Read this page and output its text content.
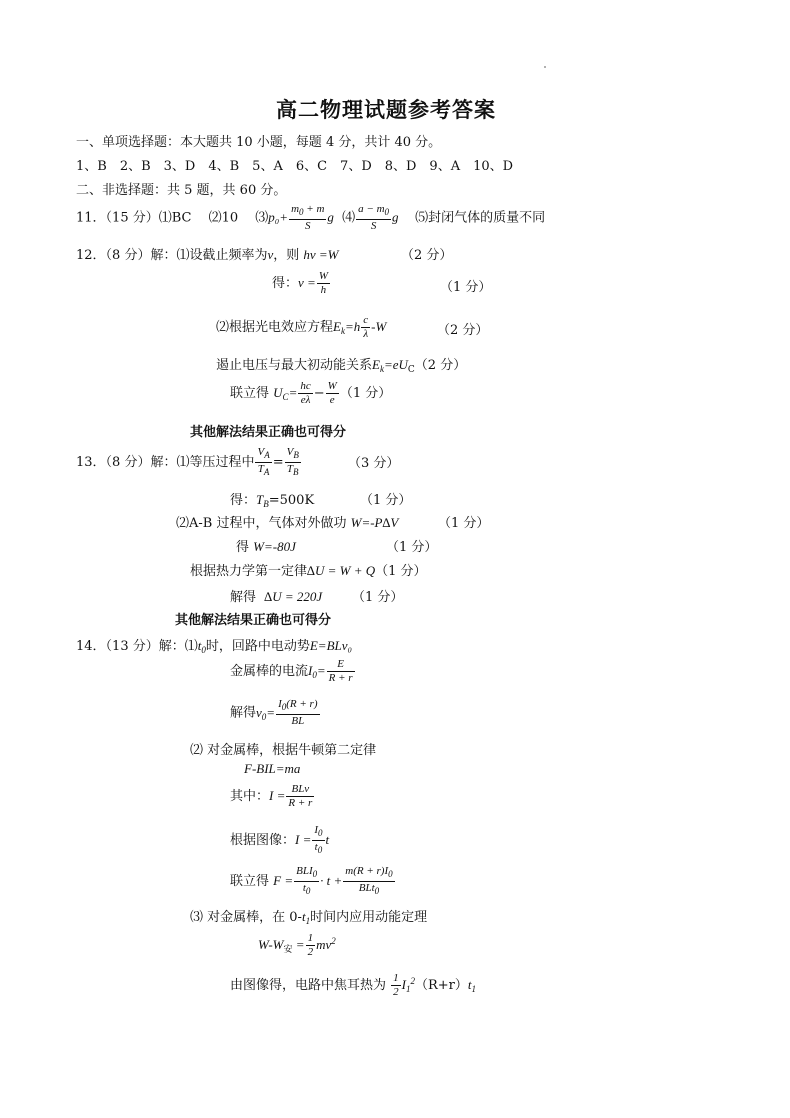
高二物理试题参考答案
一、单项选择题：本大题共 10 小题，每题 4 分，共计 40 分。
1、B　2、B　3、D　4、B　5、A　6、C　7、D　8、D　9、A　10、D
二、非选择题：共 5 题，共 60 分。
11．（15 分）⑴BC　 ⑵10　 ⑶p₀+ $\frac{m_0 + m}{S}$ g ⑷ $\frac{a - m_0}{S}$ g ⑸封闭气体的质量不同
12．（8 分）解：⑴设截止频率为ν，则 hν =W	（2 分）
得：$\nu = \frac{W}{h}$	（1 分）
⑵根据光电效应方程$E_k=h \frac{c}{\lambda} -W$	（2 分）
遏止电压与最大初动能关系$E_k=eU_C(2$ 分）
联立得 $U_C= \frac{hc}{e\lambda} - \frac{W}{e} (1$ 分）
其他解法结果正确也可得分
13．（8 分）解：⑴等压过程中 $\frac{V_A}{T_A} = \frac{V_B}{T_B}$	（3 分）
得：$T_B=500K$	（1 分）
⑵A-B 过程中，气体对外做功 W=-P∆V	（1 分）
得 W=-80J	（1 分）
根据热力学第一定律∆U = W + Q（1 分）
解得 ∆U = 220J （1 分）
其他解法结果正确也可得分
14．（13 分）解：$⑴t_0$时，回路中电动势E=BLv₀
金属棒的电流$I_0= \frac{E}{R + r}$
解得$v_0= \frac{I_0(R + r)}{BL}$
⑵ 对金属棒，根据牛顿第二定律
F-BIL=ma
其中：$I = \frac{\text{BLv}}{R + r}$
根据图像：$I = \frac{I_0}{t_0}$ t
联立得 $F = \frac{BLI_0}{t_0} \cdot t + \frac{m(R + r)I_0}{BLt_0}$
⑶ 对金属棒，在 $0-t_1$时间内应用动能定理
$W-W_安 = \frac{1}{2} mv^2$
由图像得，电路中焦耳热为 $\frac{1}{2} I_1^2(R+r)t_1$
